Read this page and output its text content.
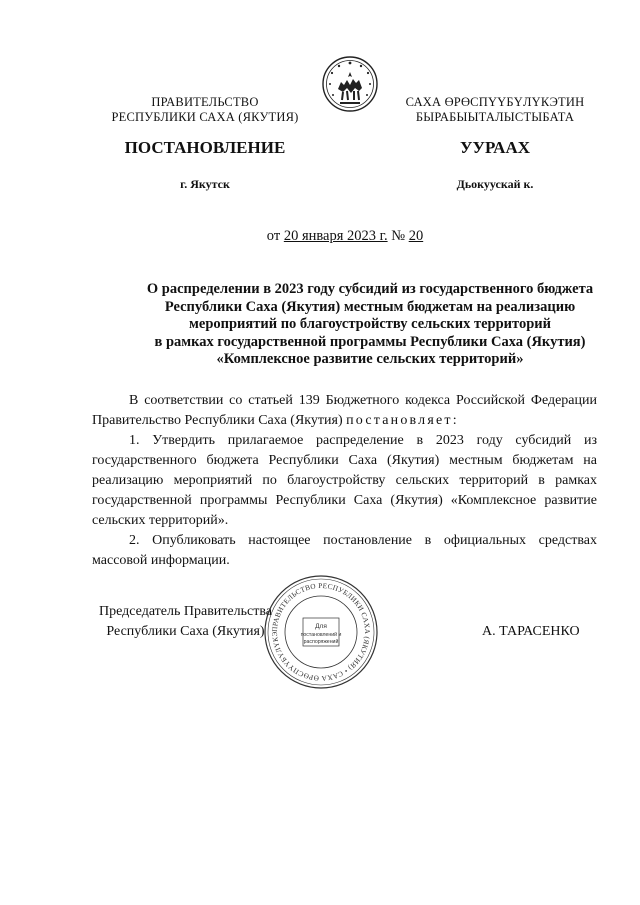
ПРАВИТЕЛЬСТВО
РЕСПУБЛИКИ САХА (ЯКУТИЯ)
САХА ӨРӨСПҮҮБҮЛҮКЭТИН
БЫРАБЫЫТАЛЫСТЫБАТА
ПОСТАНОВЛЕНИЕ	УУРААХ
г. Якутск	Дьокуускай к.
от 20 января 2023 г. № 20
О распределении в 2023 году субсидий из государственного бюджета
Республики Саха (Якутия) местным бюджетам на реализацию
мероприятий по благоустройству сельских территорий
в рамках государственной программы Республики Саха (Якутия)
«Комплексное развитие сельских территорий»

В соответствии со статьей 139 Бюджетного кодекса Российской Федерации Правительство Республики Саха (Якутия) постановляет:

1. Утвердить прилагаемое распределение в 2023 году субсидий из государственного бюджета Республики Саха (Якутия) местным бюджетам на реализацию мероприятий по благоустройству сельских территорий в рамках государственной программы Республики Саха (Якутия) «Комплексное развитие сельских территорий».

2. Опубликовать настоящее постановление в официальных средствах массовой информации.

Председатель Правительства
Республики Саха (Якутия)	А. ТАРАСЕНКО
ПРАВИТЕЛЬСТВО РЕСПУБЛИКИ САХА (ЯКУТИЯ) • САХА ӨРӨСПҮҮБҮЛҮКЭ
Для
постановлений и
распоряжений
